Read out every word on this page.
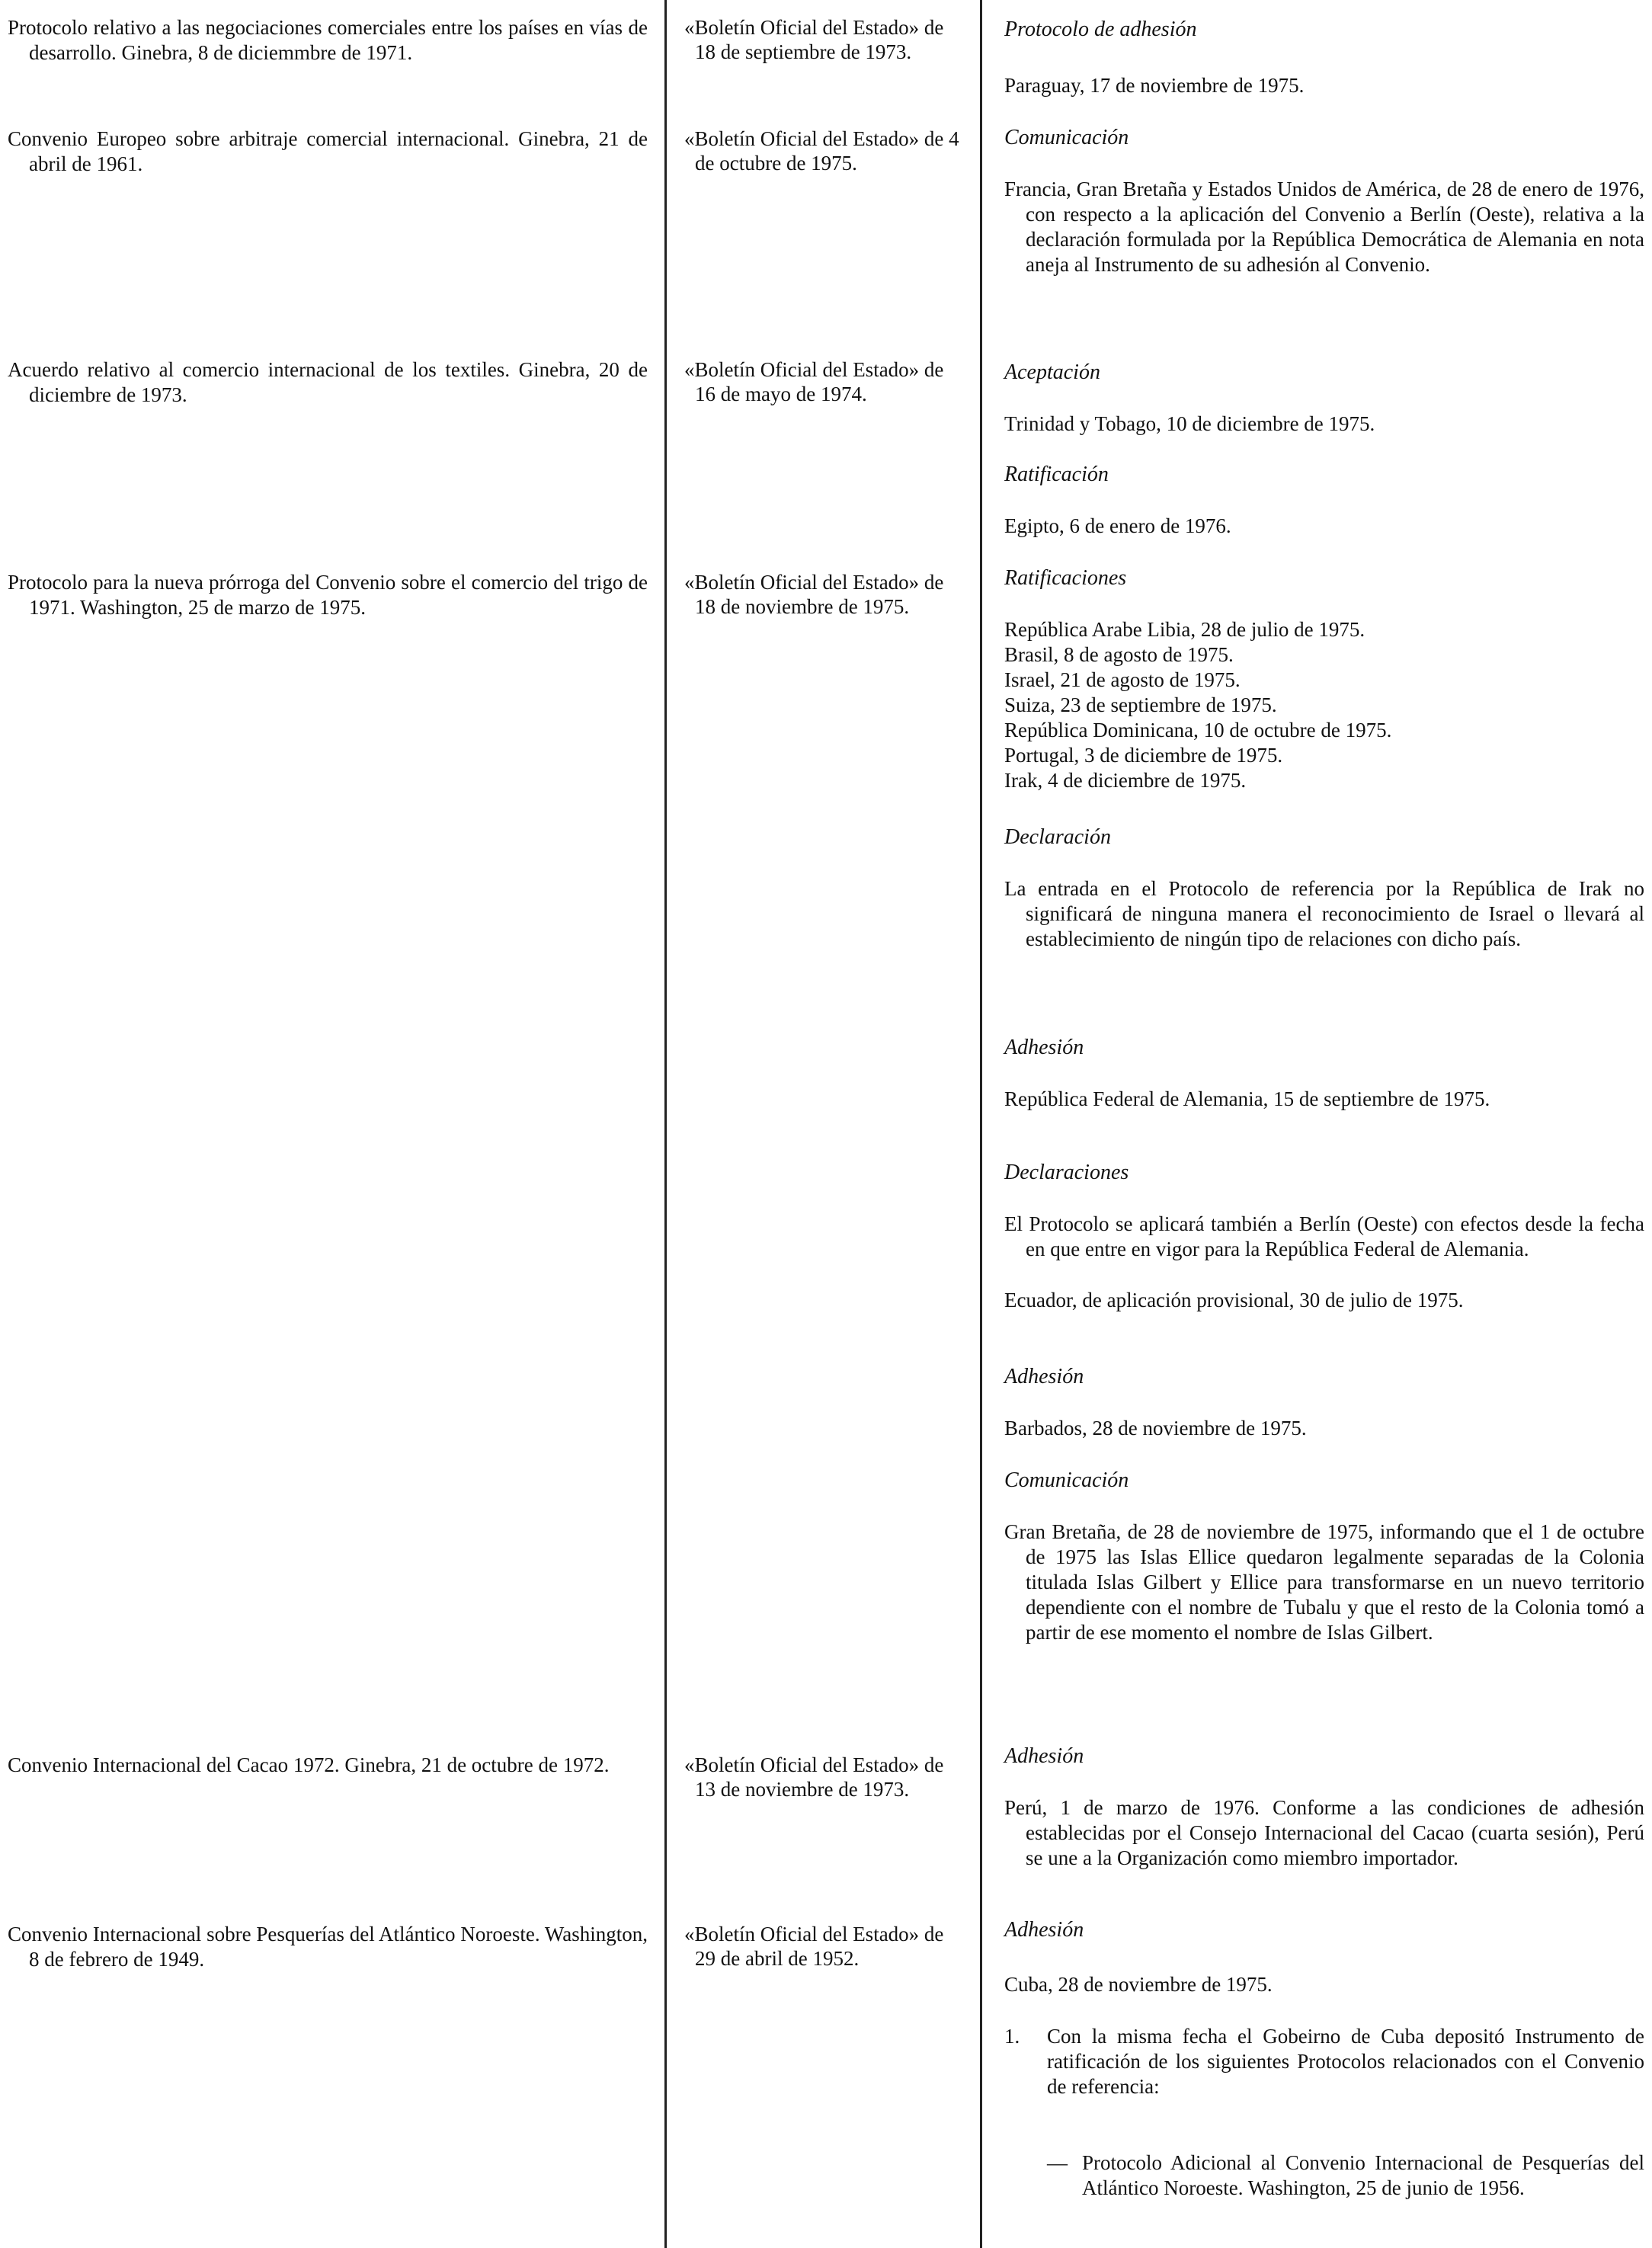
Protocolo relativo a las negociaciones comerciales entre los países en vías de desarrollo. Ginebra, 8 de diciemmbre de 1971.

Convenio Europeo sobre arbitraje comercial internacional. Ginebra, 21 de abril de 1961.

Acuerdo relativo al comercio internacional de los textiles. Ginebra, 20 de diciembre de 1973.

Protocolo para la nueva prórroga del Convenio sobre el comercio del trigo de 1971. Washington, 25 de marzo de 1975.

Convenio Internacional del Cacao 1972. Ginebra, 21 de octubre de 1972.

Convenio Internacional sobre Pesquerías del Atlántico Noroeste. Washington, 8 de febrero de 1949.

«Boletín Oficial del Estado» de 18 de septiembre de 1973.

«Boletín Oficial del Estado» de 4 de octubre de 1975.

«Boletín Oficial del Estado» de 16 de mayo de 1974.

«Boletín Oficial del Estado» de 18 de noviembre de 1975.

«Boletín Oficial del Estado» de 13 de noviembre de 1973.

«Boletín Oficial del Estado» de 29 de abril de 1952.

Protocolo de adhesión

Paraguay, 17 de noviembre de 1975.

Comunicación

Francia, Gran Bretaña y Estados Unidos de América, de 28 de enero de 1976, con respecto a la aplicación del Convenio a Berlín (Oeste), relativa a la declaración formulada por la República Democrática de Alemania en nota aneja al Instrumento de su adhesión al Convenio.

Aceptación

Trinidad y Tobago, 10 de diciembre de 1975.

Ratificación

Egipto, 6 de enero de 1976.

Ratificaciones

República Arabe Libia, 28 de julio de 1975.

Brasil, 8 de agosto de 1975.

Israel, 21 de agosto de 1975.

Suiza, 23 de septiembre de 1975.

República Dominicana, 10 de octubre de 1975.

Portugal, 3 de diciembre de 1975.

Irak, 4 de diciembre de 1975.

Declaración

La entrada en el Protocolo de referencia por la República de Irak no significará de ninguna manera el reconocimiento de Israel o llevará al establecimiento de ningún tipo de relaciones con dicho país.

Adhesión

República Federal de Alemania, 15 de septiembre de 1975.

Declaraciones

El Protocolo se aplicará también a Berlín (Oeste) con efectos desde la fecha en que entre en vigor para la República Federal de Alemania.

Ecuador, de aplicación provisional, 30 de julio de 1975.

Adhesión

Barbados, 28 de noviembre de 1975.

Comunicación

Gran Bretaña, de 28 de noviembre de 1975, informando que el 1 de octubre de 1975 las Islas Ellice quedaron legalmente separadas de la Colonia titulada Islas Gilbert y Ellice para transformarse en un nuevo territorio dependiente con el nombre de Tubalu y que el resto de la Colonia tomó a partir de ese momento el nombre de Islas Gilbert.

Adhesión

Perú, 1 de marzo de 1976. Conforme a las condiciones de adhesión establecidas por el Consejo Internacional del Cacao (cuarta sesión), Perú se une a la Organización como miembro importador.

Adhesión

Cuba, 28 de noviembre de 1975.

1.	Con la misma fecha el Gobeirno de Cuba depositó Instrumento de ratificación de los siguientes Protocolos relacionados con el Convenio de referencia:
— Protocolo Adicional al Convenio Internacional de Pesquerías del Atlántico Noroeste. Washington, 25 de junio de 1956.
